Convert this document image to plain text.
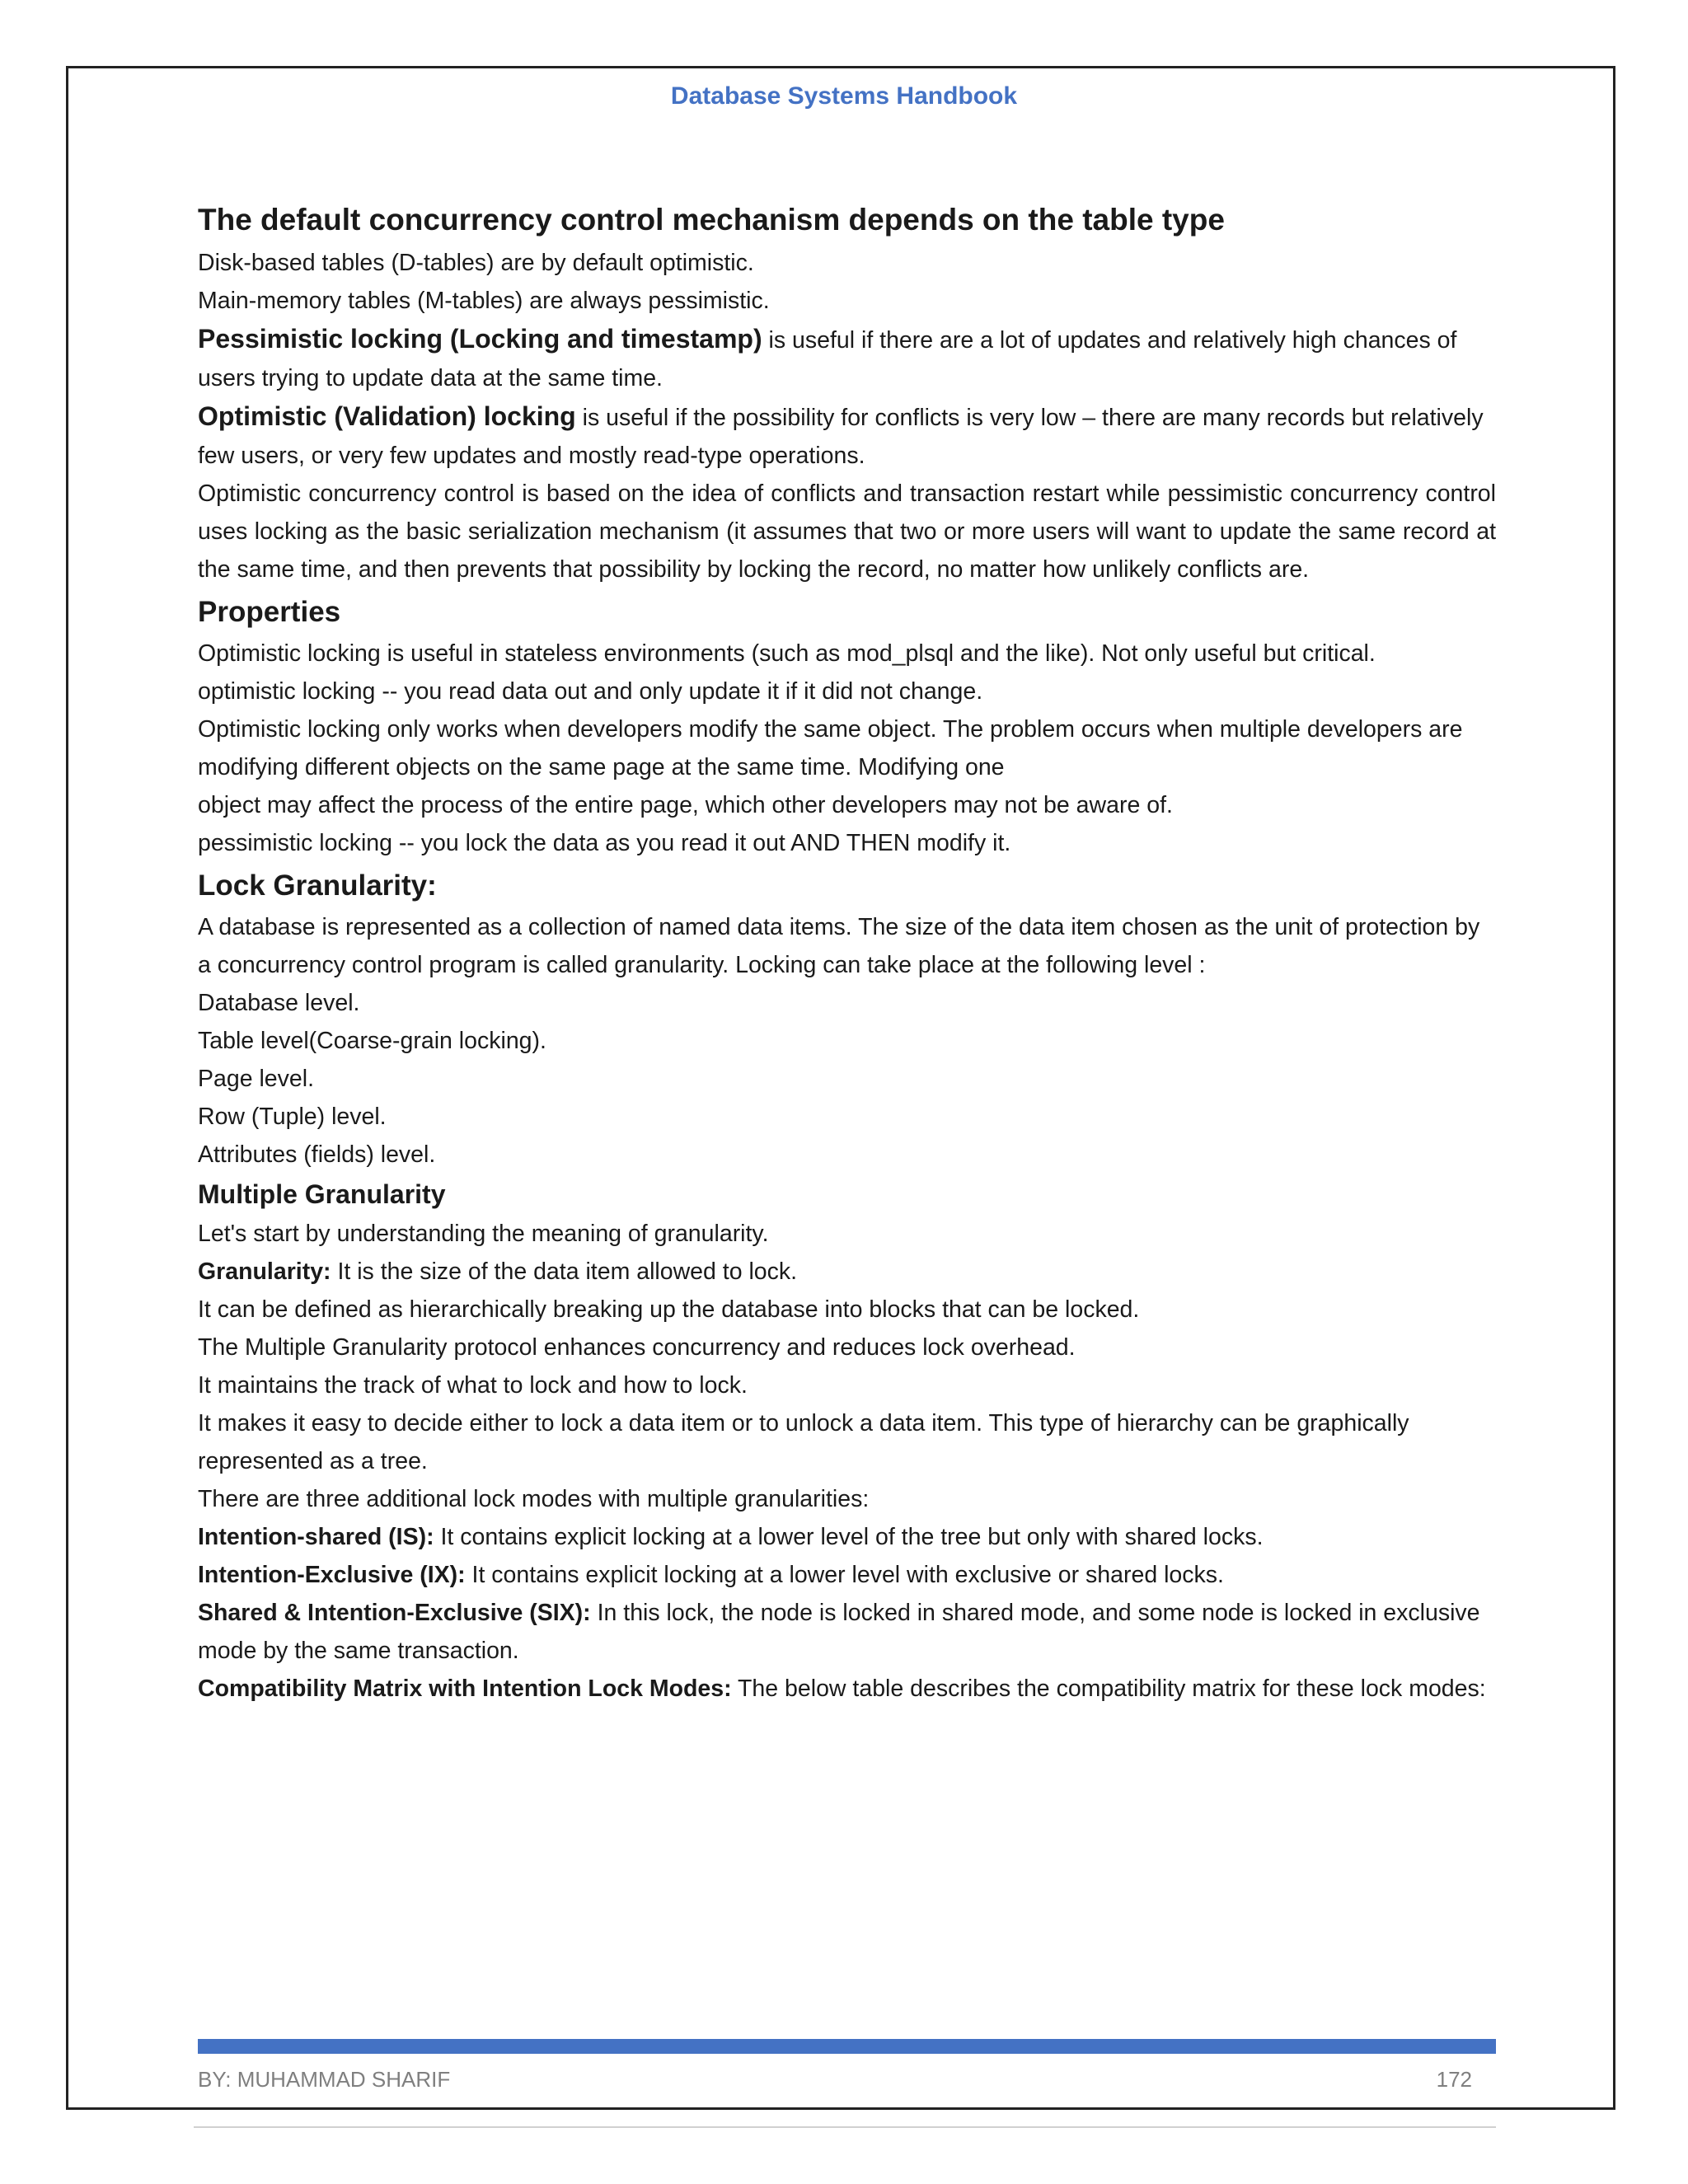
Database Systems Handbook

The default concurrency control mechanism depends on the table type

Disk-based tables (D-tables) are by default optimistic.

Main-memory tables (M-tables) are always pessimistic.

Pessimistic locking (Locking and timestamp) is useful if there are a lot of updates and relatively high chances of users trying to update data at the same time.

Optimistic (Validation) locking is useful if the possibility for conflicts is very low – there are many records but relatively few users, or very few updates and mostly read-type operations.

Optimistic concurrency control is based on the idea of conflicts and transaction restart while pessimistic concurrency control uses locking as the basic serialization mechanism (it assumes that two or more users will want to update the same record at the same time, and then prevents that possibility by locking the record, no matter how unlikely conflicts are.

Properties

Optimistic locking is useful in stateless environments (such as mod_plsql and the like). Not only useful but critical.

optimistic locking -- you read data out and only update it if it did not change.

Optimistic locking only works when developers modify the same object. The problem occurs when multiple developers are modifying different objects on the same page at the same time. Modifying one

object may affect the process of the entire page, which other developers may not be aware of.

pessimistic locking -- you lock the data as you read it out AND THEN modify it.

Lock Granularity:

A database is represented as a collection of named data items. The size of the data item chosen as the unit of protection by a concurrency control program is called granularity. Locking can take place at the following level :

Database level.

Table level(Coarse-grain locking).

Page level.

Row (Tuple) level.

Attributes (fields) level.

Multiple Granularity

Let's start by understanding the meaning of granularity.

Granularity: It is the size of the data item allowed to lock.

It can be defined as hierarchically breaking up the database into blocks that can be locked.

The Multiple Granularity protocol enhances concurrency and reduces lock overhead.

It maintains the track of what to lock and how to lock.

It makes it easy to decide either to lock a data item or to unlock a data item. This type of hierarchy can be graphically represented as a tree.

There are three additional lock modes with multiple granularities:

Intention-shared (IS): It contains explicit locking at a lower level of the tree but only with shared locks.

Intention-Exclusive (IX): It contains explicit locking at a lower level with exclusive or shared locks.

Shared & Intention-Exclusive (SIX): In this lock, the node is locked in shared mode, and some node is locked in exclusive mode by the same transaction.

Compatibility Matrix with Intention Lock Modes: The below table describes the compatibility matrix for these lock modes:

BY: MUHAMMAD SHARIF	172
